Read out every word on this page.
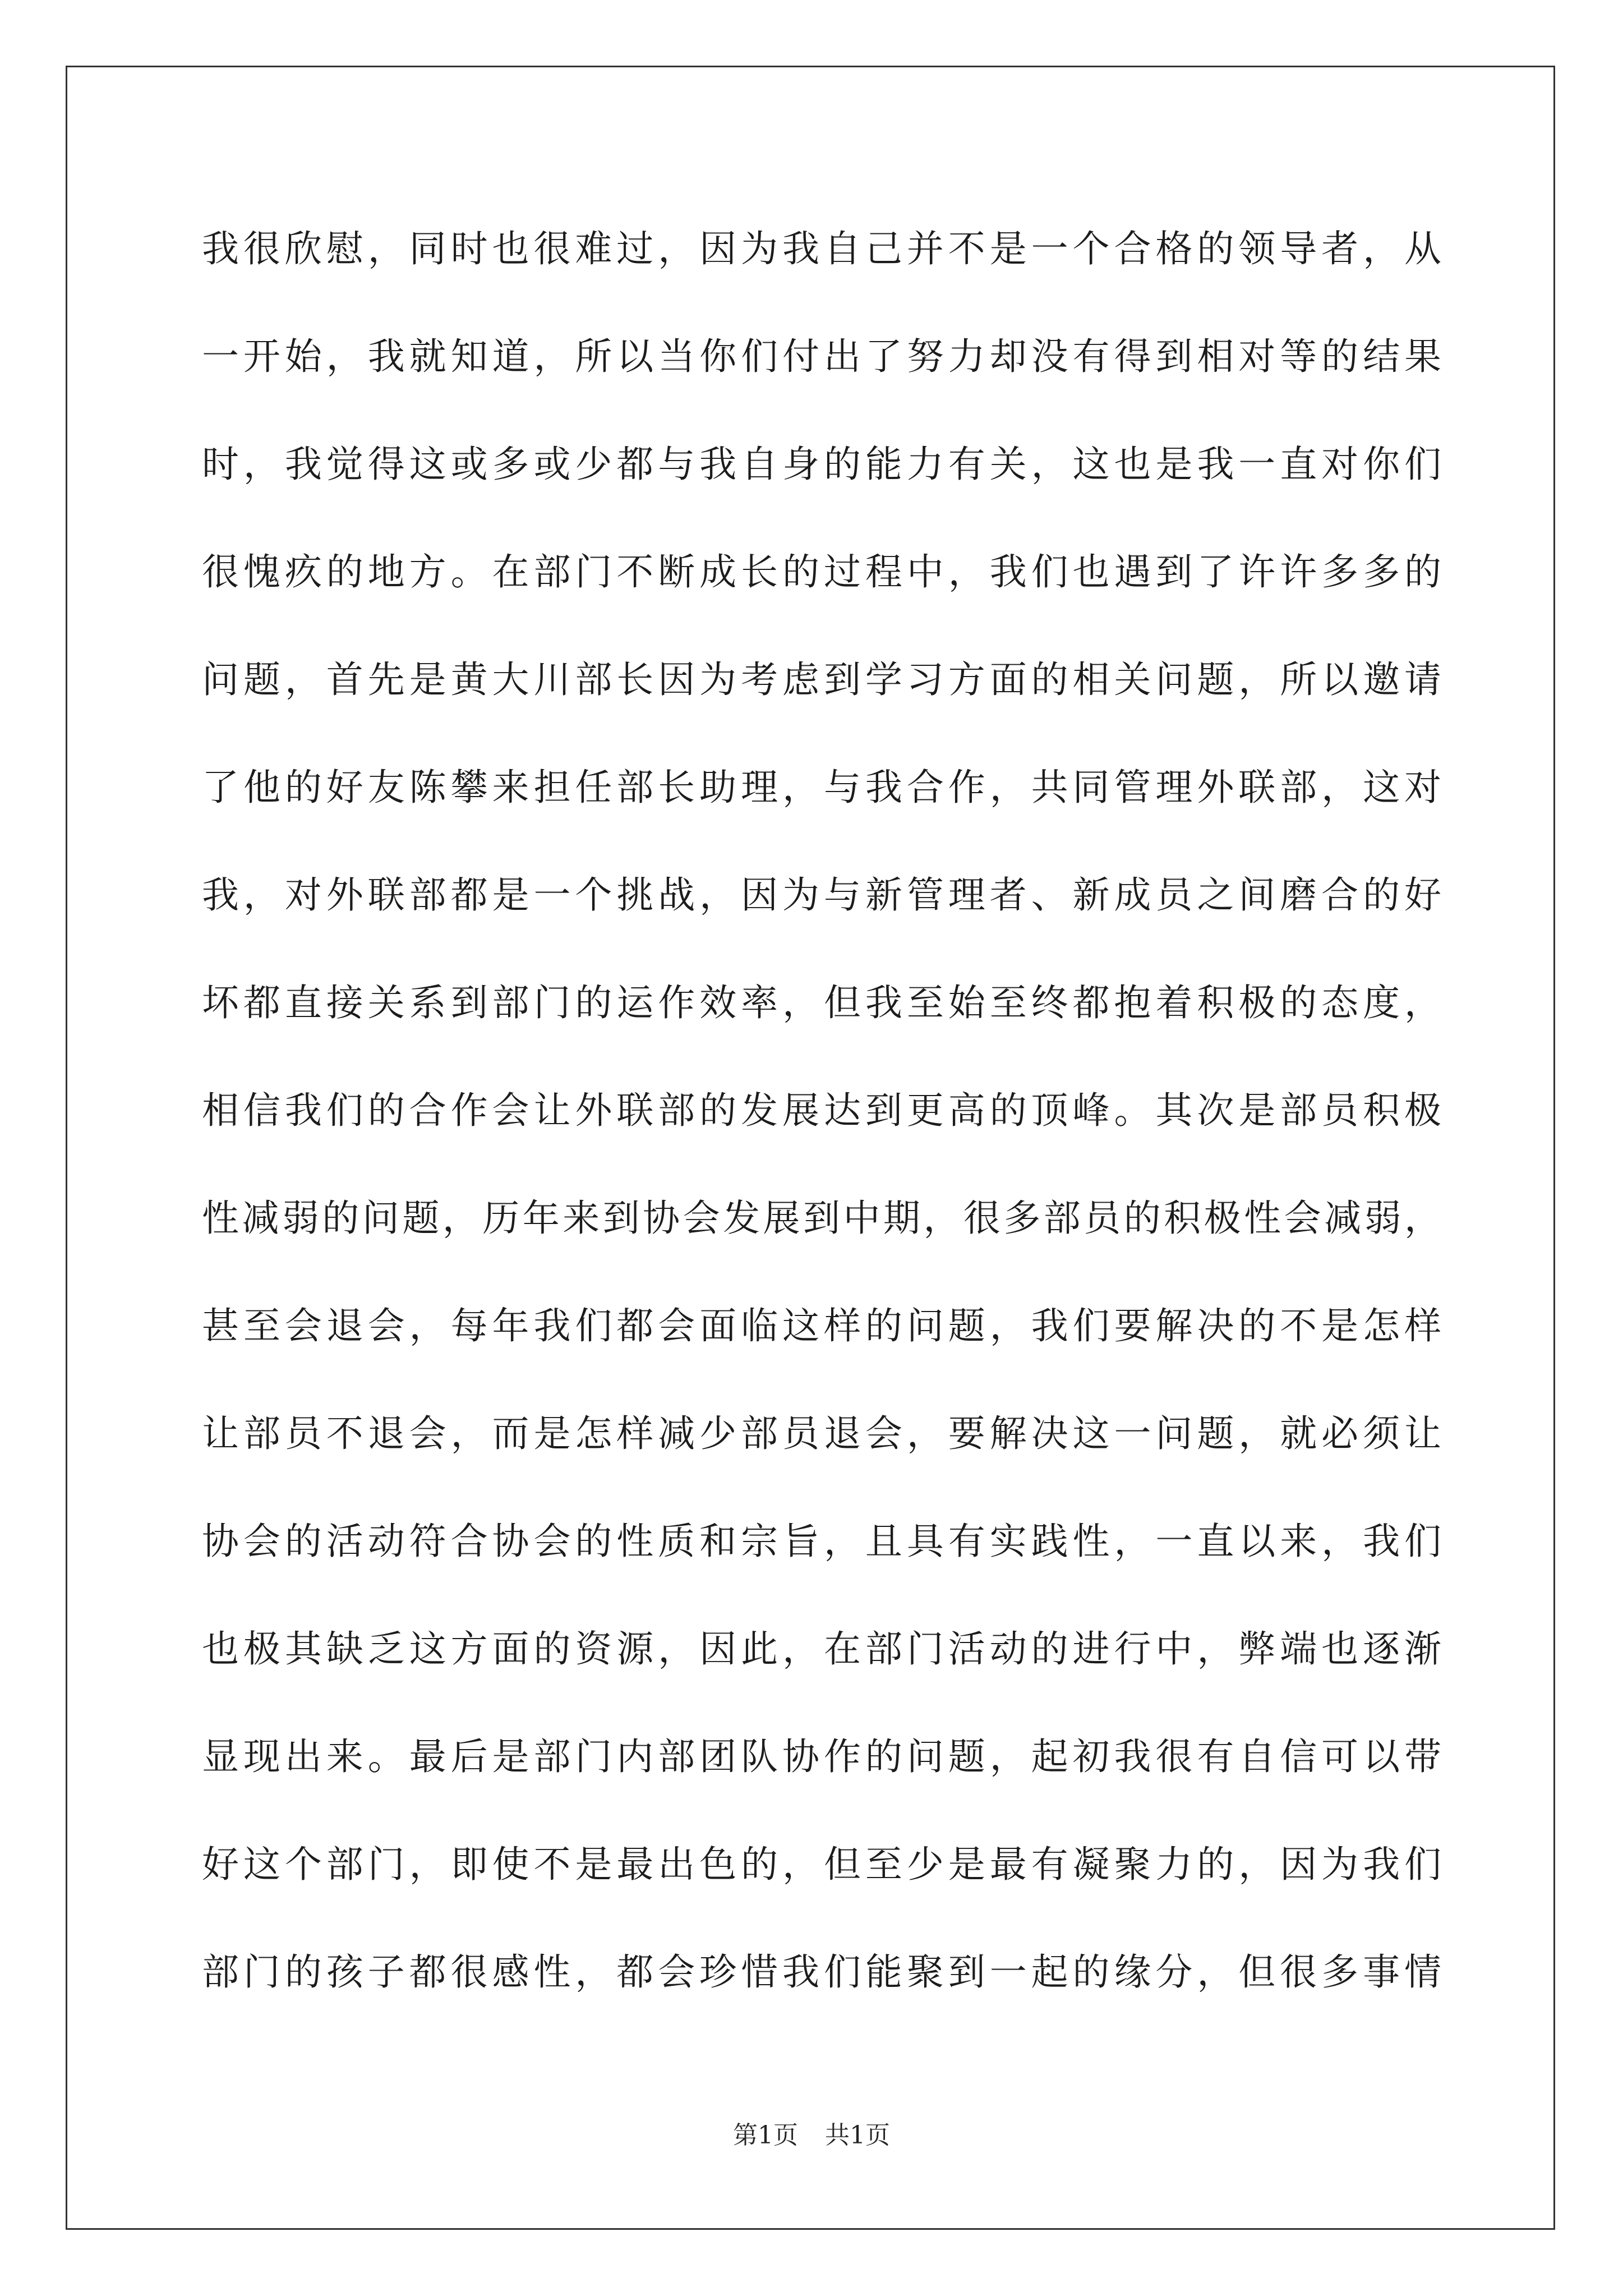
我很欣慰，同时也很难过，因为我自己并不是一个合格的领导者，从
一开始，我就知道，所以当你们付出了努力却没有得到相对等的结果
时，我觉得这或多或少都与我自身的能力有关，这也是我一直对你们
很愧疚的地方。在部门不断成长的过程中，我们也遇到了许许多多的
问题，首先是黄大川部长因为考虑到学习方面的相关问题，所以邀请
了他的好友陈攀来担任部长助理，与我合作，共同管理外联部，这对
我，对外联部都是一个挑战，因为与新管理者、新成员之间磨合的好
坏都直接关系到部门的运作效率，但我至始至终都抱着积极的态度，
相信我们的合作会让外联部的发展达到更高的顶峰。其次是部员积极
性减弱的问题，历年来到协会发展到中期，很多部员的积极性会减弱，
甚至会退会，每年我们都会面临这样的问题，我们要解决的不是怎样
让部员不退会，而是怎样减少部员退会，要解决这一问题，就必须让
协会的活动符合协会的性质和宗旨，且具有实践性，一直以来，我们
也极其缺乏这方面的资源，因此，在部门活动的进行中，弊端也逐渐
显现出来。最后是部门内部团队协作的问题，起初我很有自信可以带
好这个部门，即使不是最出色的，但至少是最有凝聚力的，因为我们
部门的孩子都很感性，都会珍惜我们能聚到一起的缘分，但很多事情
第1页 共1页
